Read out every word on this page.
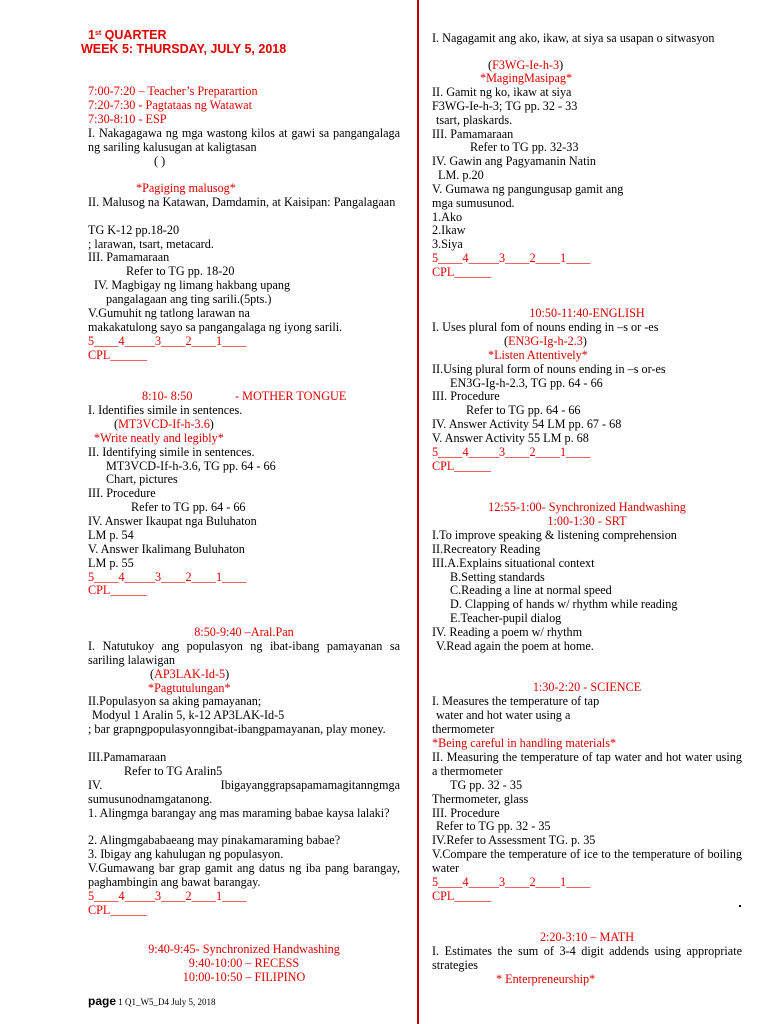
1st QUARTER
WEEK 5: THURSDAY, JULY 5, 2018
7:00-7:20 – Teacher’s Preparartion
7:20-7:30 - Pagtataas ng Watawat
7:30-8:10 - ESP
I. Nakagagawa ng mga wastong kilos at gawi sa pangangalaga ng sariling kalusugan at kaligtasan
( )
*Pagiging malusog*
II. Malusog na Katawan, Damdamin, at Kaisipan: Pangalagaan
TG K-12 pp.18-20
; larawan, tsart, metacard.
III. Pamamaraan
Refer to TG pp. 18-20
IV. Magbigay ng limang hakbang upang
pangalagaan ang ting sarili.(5pts.)
V.Gumuhit ng tatlong larawan na
makakatulong sayo sa pangangalaga ng iyong sarili.
5____4_____3____2____1____
CPL______
8:10- 8:50	- MOTHER TONGUE
I. Identifies simile in sentences.
(MT3VCD-If-h-3.6)
*Write neatly and legibly*
II. Identifying simile in sentences.
MT3VCD-If-h-3.6, TG pp. 64 - 66
Chart, pictures
III. Procedure
Refer to TG pp. 64 - 66
IV. Answer Ikaupat nga Buluhaton
LM p. 54
V. Answer Ikalimang Buluhaton
LM p. 55
5____4_____3____2____1____
CPL______
8:50-9:40 –Aral.Pan
I. Natutukoy ang populasyon ng ibat-ibang pamayanan sa sariling lalawigan
(AP3LAK-Id-5)
*Pagtutulungan*
II.Populasyon sa aking pamayanan;
Modyul 1 Aralin 5, k-12 AP3LAK-Id-5
; bar grapngpopulasyonngibat-ibangpamayanan, play money.
III.Pamamaraan
Refer to TG Aralin5
IV. Ibigayanggrapsapamamagitanngmga sumusunodnamgatanong.
1. Alingmga barangay ang mas maraming babae kaysa lalaki?
2. Alingmgababaeang may pinakamaraming babae?
3. Ibigay ang kahulugan ng populasyon.
V.Gumawang bar grap gamit ang datus ng iba pang barangay, paghambingin ang bawat barangay.
5____4_____3____2____1____
CPL______
9:40-9:45- Synchronized Handwashing
9:40-10:00 – RECESS
10:00-10:50 – FILIPINO
I. Nagagamit ang ako, ikaw, at siya sa usapan o sitwasyon
(F3WG-Ie-h-3)
*MagingMasipag*
II. Gamit ng ko, ikaw at siya
F3WG-Ie-h-3; TG pp. 32 - 33
tsart, plaskards.
III. Pamamaraan
Refer to TG pp. 32-33
IV. Gawin ang Pagyamanin Natin
LM. p.20
V. Gumawa ng pangungusap gamit ang
mga sumusunod.
1.Ako
2.Ikaw
3.Siya
5____4_____3____2____1____
CPL______
10:50-11:40-ENGLISH
I. Uses plural fom of nouns ending in –s or -es
(EN3G-Ig-h-2.3)
*Listen Attentively*
II.Using plural form of nouns ending in –s or-es
EN3G-Ig-h-2.3, TG pp. 64 - 66
III. Procedure
Refer to TG pp. 64 - 66
IV. Answer Activity 54 LM pp. 67 - 68
V. Answer Activity 55 LM p. 68
5____4_____3____2____1____
CPL______
12:55-1:00- Synchronized Handwashing
1:00-1:30 - SRT
I.To improve speaking & listening comprehension
II.Recreatory Reading
III.A.Explains situational context
B.Setting standards
C.Reading a line at normal speed
D. Clapping of hands w/ rhythm while reading
E.Teacher-pupil dialog
IV. Reading a poem w/ rhythm
V.Read again the poem at home.
1:30-2:20 - SCIENCE
I. Measures the temperature of tap
water and hot water using a
thermometer
*Being careful in handling materials*
II. Measuring the temperature of tap water and hot water using a thermometer
TG pp. 32 - 35
Thermometer, glass
III. Procedure
Refer to TG pp. 32 - 35
IV.Refer to Assessment TG. p. 35
V.Compare the temperature of ice to the temperature of boiling water
5____4_____3____2____1____
CPL______
2:20-3:10 – MATH
I. Estimates the sum of 3-4 digit addends using appropriate strategies
* Enterpreneurship*
page 1 Q1_W5_D4 July 5, 2018
